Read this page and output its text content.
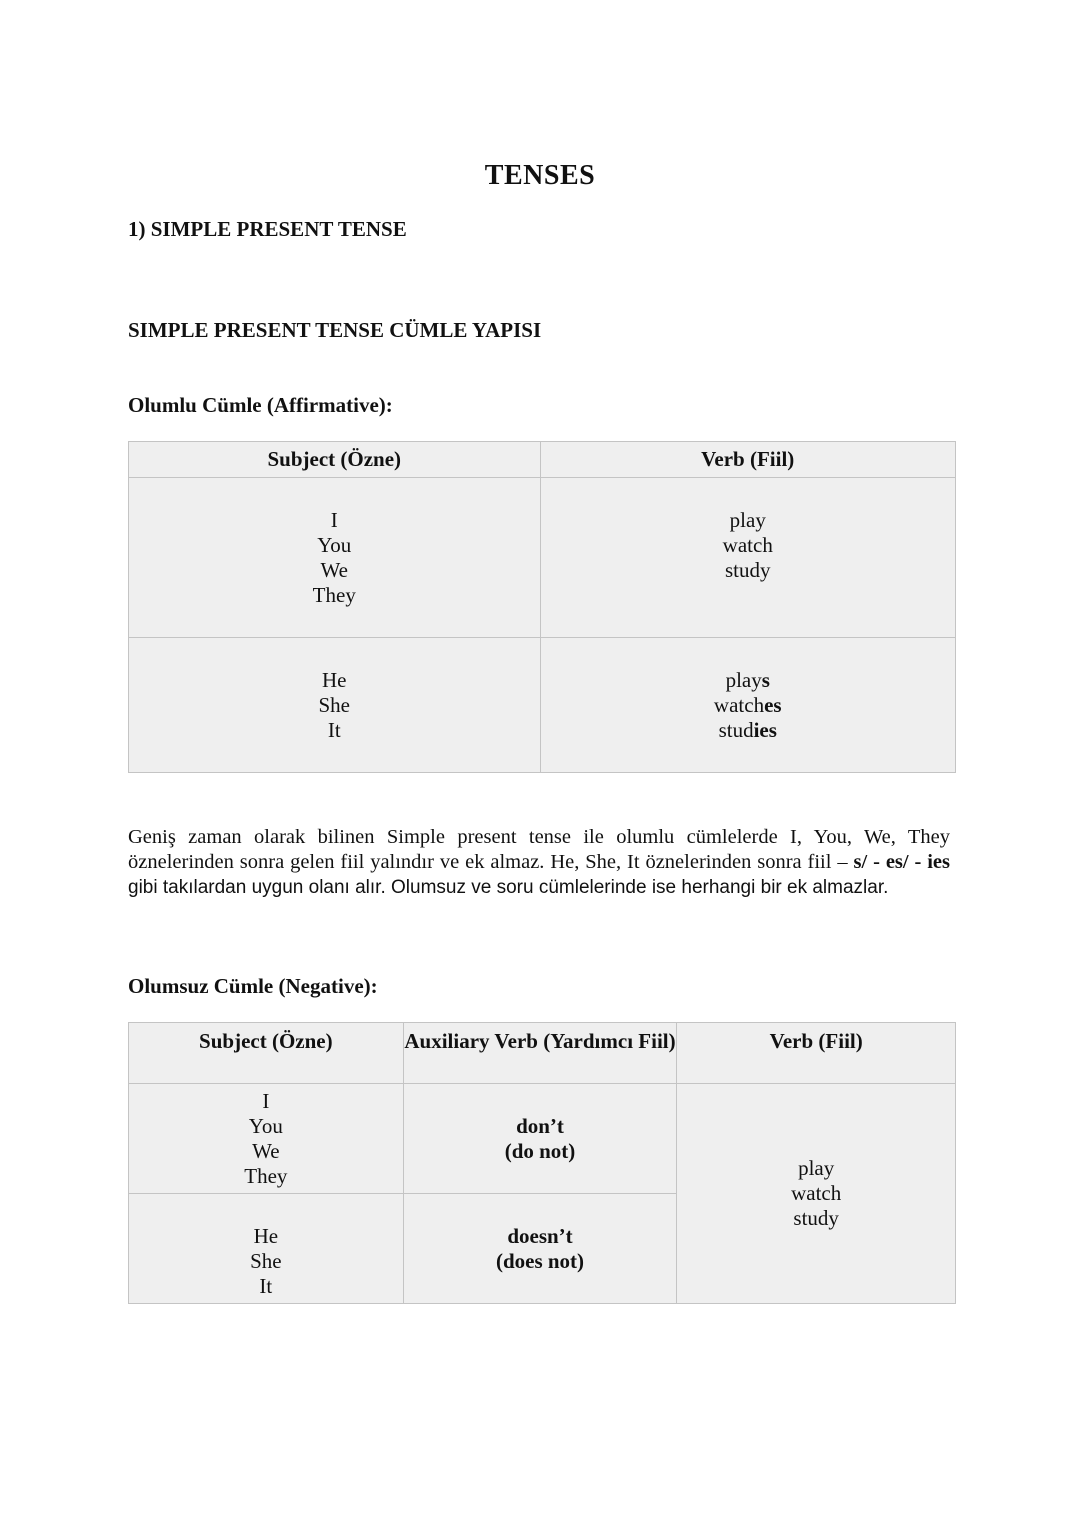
TENSES
1) SIMPLE PRESENT TENSE
SIMPLE PRESENT TENSE CÜMLE YAPISI
Olumlu Cümle (Affirmative):
Subject (Özne)	Verb (Fiil)

I
You
We
They	play
watch
study

He
She
It	plays
watches
studies
Geniş zaman olarak bilinen Simple present tense ile olumlu cümlelerde I, You, We, They öznelerinden sonra gelen fiil yalındır ve ek almaz. He, She, It öznelerinden sonra fiil – s/ - es/ - ies gibi takılardan uygun olanı alır. Olumsuz ve soru cümlelerinde ise herhangi bir ek almazlar.
Olumsuz Cümle (Negative):
Subject (Özne)	Auxiliary Verb (Yardımcı Fiil)	Verb (Fiil)

I
You
We
They	don’t
(do not)	play
watch
study

He
She
It	doesn’t
(does not)	
